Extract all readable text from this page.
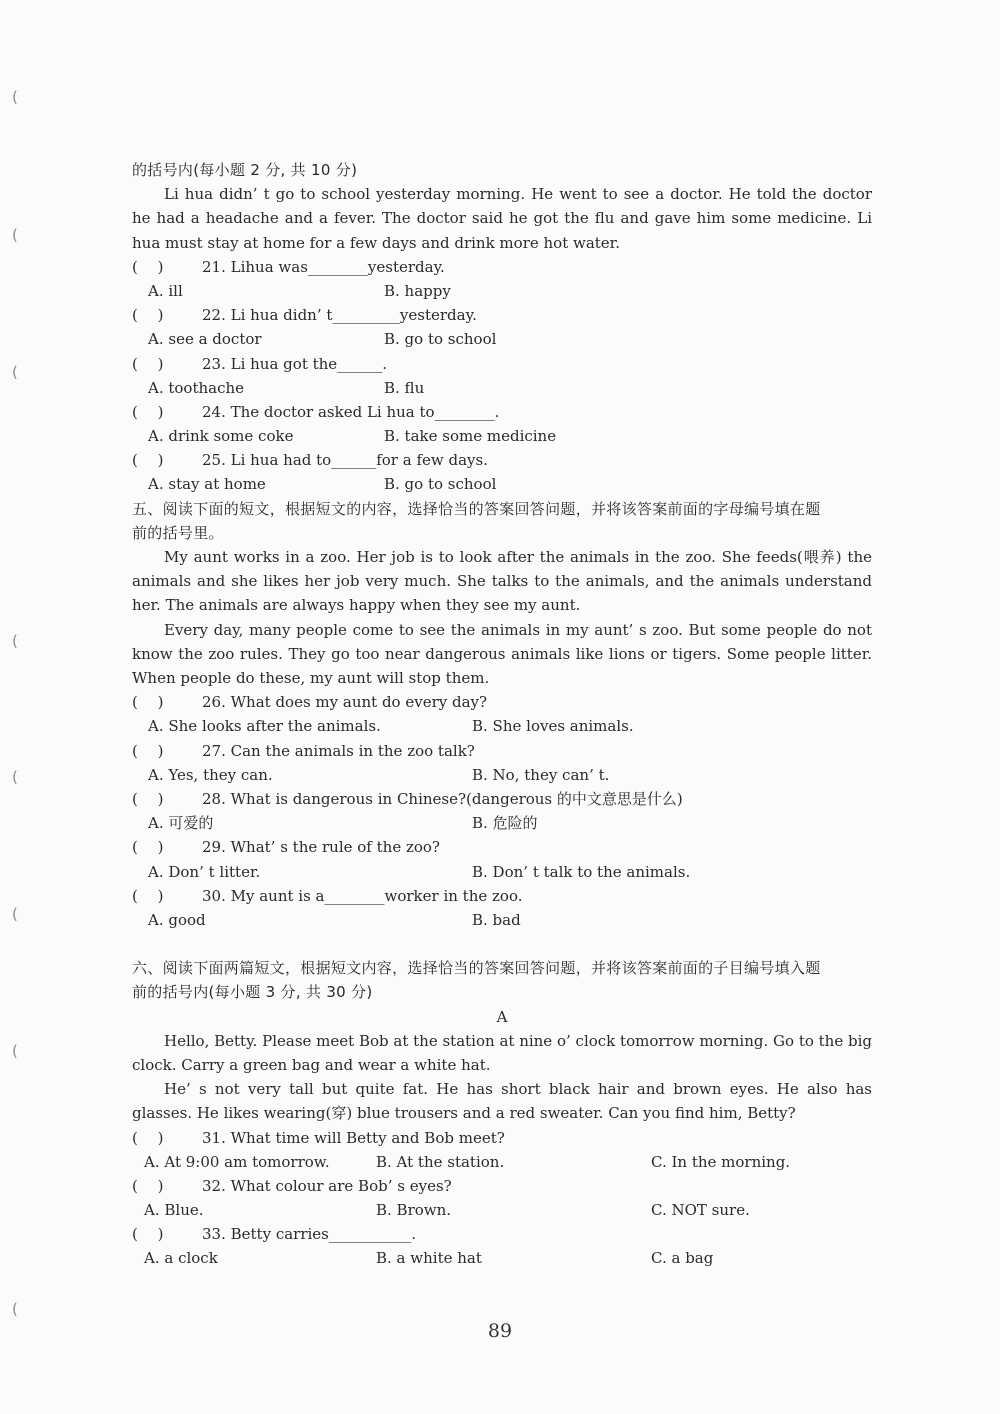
(
(
(
(
(
(
(
(
的括号内(每小题 2 分, 共 10 分)
Li hua didn’ t go to school yesterday morning. He went to see a doctor. He told the doctor he had a headache and a fever. The doctor said he got the flu and gave him some medicine. Li hua must stay at home for a few days and drink more hot water.
(　 )	21. Lihua was________yesterday.
A. ill	B. happy
(　 )	22. Li hua didn’ t_________yesterday.
A. see a doctor	B. go to school
(　 )	23. Li hua got the______.
A. toothache	B. flu
(　 )	24. The doctor asked Li hua to________.
A. drink some coke	B. take some medicine
(　 )	25. Li hua had to______for a few days.
A. stay at home	B. go to school
五、阅读下面的短文，根据短文的内容，选择恰当的答案回答问题，并将该答案前面的字母编号填在题
前的括号里。
My aunt works in a zoo. Her job is to look after the animals in the zoo. She feeds(喂养) the animals and she likes her job very much. She talks to the animals, and the animals understand her. The animals are always happy when they see my aunt.
Every day, many people come to see the animals in my aunt’ s zoo. But some people do not know the zoo rules. They go too near dangerous animals like lions or tigers. Some people litter. When people do these, my aunt will stop them.
(　 )	26. What does my aunt do every day?
A. She looks after the animals.	B. She loves animals.
(　 )	27. Can the animals in the zoo talk?
A. Yes, they can.	B. No, they can’ t.
(　 )	28. What is dangerous in Chinese?(dangerous 的中文意思是什么)
A. 可爱的	B. 危险的
(　 )	29. What’ s the rule of the zoo?
A. Don’ t litter.	B. Don’ t talk to the animals.
(　 )	30. My aunt is a________worker in the zoo.
A. good	B. bad
六、阅读下面两篇短文，根据短文内容，选择恰当的答案回答问题，并将该答案前面的子目编号填入题
前的括号内(每小题 3 分, 共 30 分)
A
Hello, Betty. Please meet Bob at the station at nine o’ clock tomorrow morning. Go to the big clock. Carry a green bag and wear a white hat.
He’ s not very tall but quite fat. He has short black hair and brown eyes. He also has glasses. He likes wearing(穿) blue trousers and a red sweater. Can you find him, Betty?
(　 )	31. What time will Betty and Bob meet?
A. At 9:00 am tomorrow.	B. At the station.	C. In the morning.
(　 )	32. What colour are Bob’ s eyes?
A. Blue.	B. Brown.	C. NOT sure.
(　 )	33. Betty carries___________.
A. a clock	B. a white hat	C. a bag
89
